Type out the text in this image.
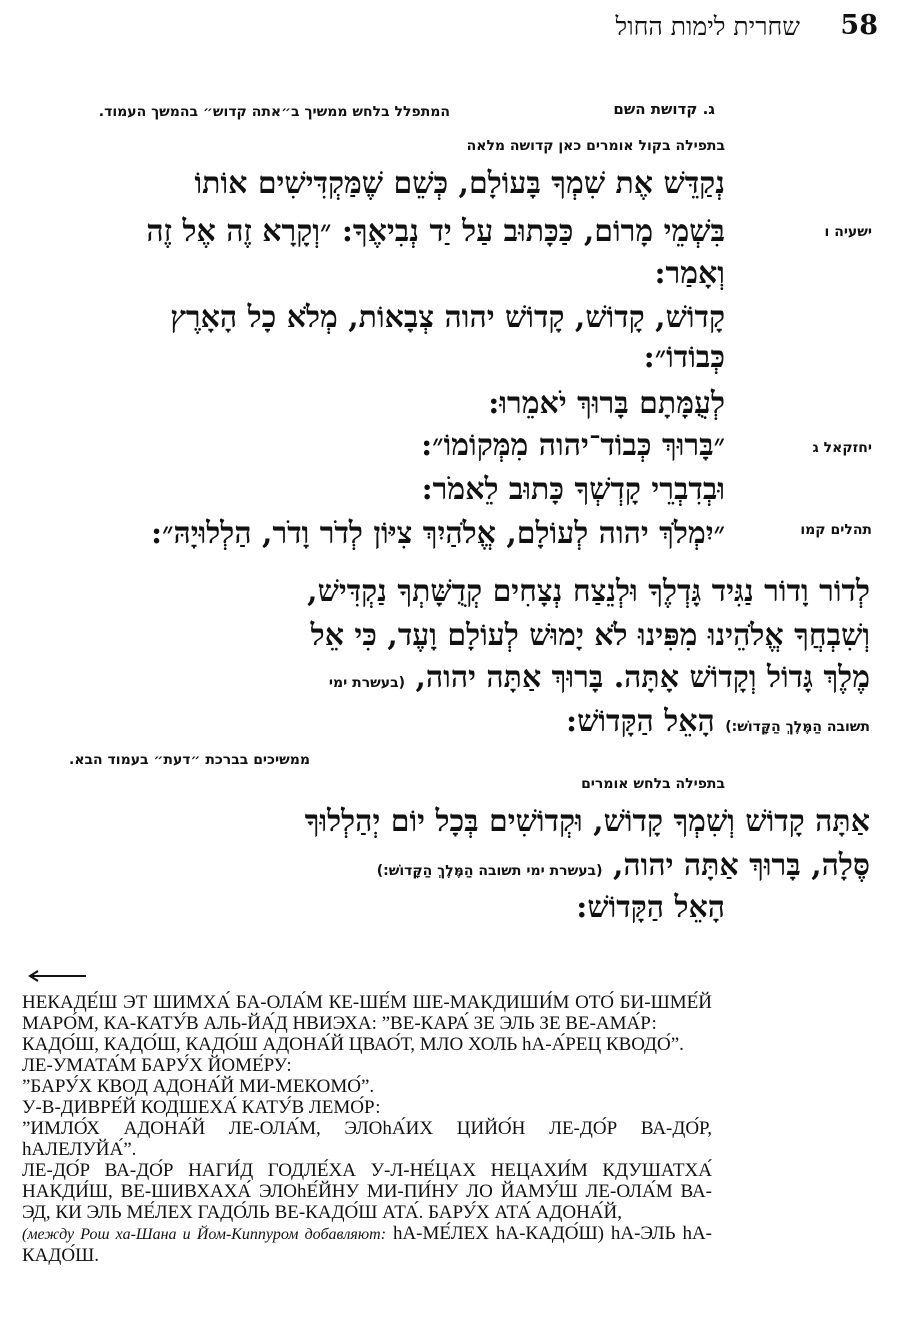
58
שחרית לימות החול
ג. קדושת השם
המתפלל בלחש ממשיך ב״אתה קדוש״ בהמשך העמוד.
בתפילה בקול אומרים כאן קדושה מלאה
נְקַדֵּשׁ אֶת שִׁמְךָ בָּעוֹלָם, כְּשֵׁם שֶׁמַּקְדִּישִׁים אוֹתוֹ
בִּשְׁמֵי מָרוֹם, כַּכָּתוּב עַל יַד נְבִיאֶךָ: ״וְקָרָא זֶה אֶל זֶה	ישעיה ו
וְאָמַר:
קָדוֹשׁ, קָדוֹשׁ, קָדוֹשׁ יהוה צְבָאוֹת, מְלֹא כָל הָאָרֶץ
כְּבוֹדוֹ״:
לְעֻמָּתָם בָּרוּךְ יֹאמֵרוּ:
״בָּרוּךְ כְּבוֹד־יהוה מִמְּקוֹמוֹ״:	יחזקאל ג
וּבְדִבְרֵי קָדְשְׁךָ כָּתוּב לֵאמֹר:
״יִמְלֹךְ יהוה לְעוֹלָם, אֱלֹהַיִךְ צִיּוֹן לְדֹר וָדֹר, הַלְלוּיָהּ״:	תהלים קמו
לְדוֹר וָדוֹר נַגִּיד גָּדְלֶךָ וּלְנֵצַח נְצָחִים קְדֻשָּׁתְךָ נַקְדִּישׁ,
וְשִׁבְחֲךָ אֱלֹהֵינוּ מִפִּינוּ לֹא יָמוּשׁ לְעוֹלָם וָעֶד, כִּי אֵל
מֶלֶךְ גָּדוֹל וְקָדוֹשׁ אָתָּה. בָּרוּךְ אַתָּה יהוה, (בעשרת ימי
תשובה הַמֶּלֶךְ הַקָּדוֹשׁ:) הָאֵל הַקָּדוֹשׁ:
ממשיכים בברכת ״דעת״ בעמוד הבא.
בתפילה בלחש אומרים
אַתָּה קָדוֹשׁ וְשִׁמְךָ קָדוֹשׁ, וּקְדוֹשִׁים בְּכָל יוֹם יְהַלְלוּךָ
סֶּלָה, בָּרוּךְ אַתָּה יהוה, (בעשרת ימי תשובה הַמֶּלֶךְ הַקָּדוֹשׁ:)
הָאֵל הַקָּדוֹשׁ:

НЕКАДЕ́Ш ЭТ ШИМХА́ БА-ОЛА́М КЕ-ШЕ́М ШЕ-МАКДИШИ́М ОТО́ БИ-ШМЕ́Й МАРО́М, КА-КАТУ́В АЛЬ-ЙА́Д НВИЭХА: ”ВЕ-КАРА́ ЗЕ ЭЛЬ ЗЕ ВЕ-АМА́Р:

КАДО́Ш, КАДО́Ш, КАДО́Ш АДОНА́Й ЦВАО́Т, МЛО ХОЛЬ hА-А́РЕЦ КВОДО́”.

ЛЕ-УМАТА́М БАРУ́Х ЙОМЕ́РУ:

”БАРУ́Х КВОД АДОНА́Й МИ-МЕКОМО́”.

У-В-ДИВРЕ́Й КОДШЕХА́ КАТУ́В ЛЕМО́Р:

”ИМЛО́Х АДОНА́Й ЛЕ-ОЛА́М, ЭЛОhА́ИХ ЦИЙО́Н ЛЕ-ДО́Р ВА-ДО́Р, hАЛЕЛУЙА́”.

ЛЕ-ДО́Р ВА-ДО́Р НАГИ́Д ГОДЛЕ́ХА У-Л-НЕ́ЦАХ НЕЦАХИ́М КДУШАТХА́ НАКДИ́Ш, ВЕ-ШИВХАХА́ ЭЛОhЕ́ЙНУ МИ-ПИ́НУ ЛО ЙАМУ́Ш ЛЕ-ОЛА́М ВА-ЭД, КИ ЭЛЬ МЕ́ЛЕХ ГАДО́ЛЬ ВЕ-КАДО́Ш АТА́. БАРУ́Х АТА́ АДОНА́Й,

(между Рош ха-Шана и Йом-Киппуром добавляют: hА-МЕ́ЛЕХ hА-КАДО́Ш) hА-ЭЛЬ hА-КАДО́Ш.
